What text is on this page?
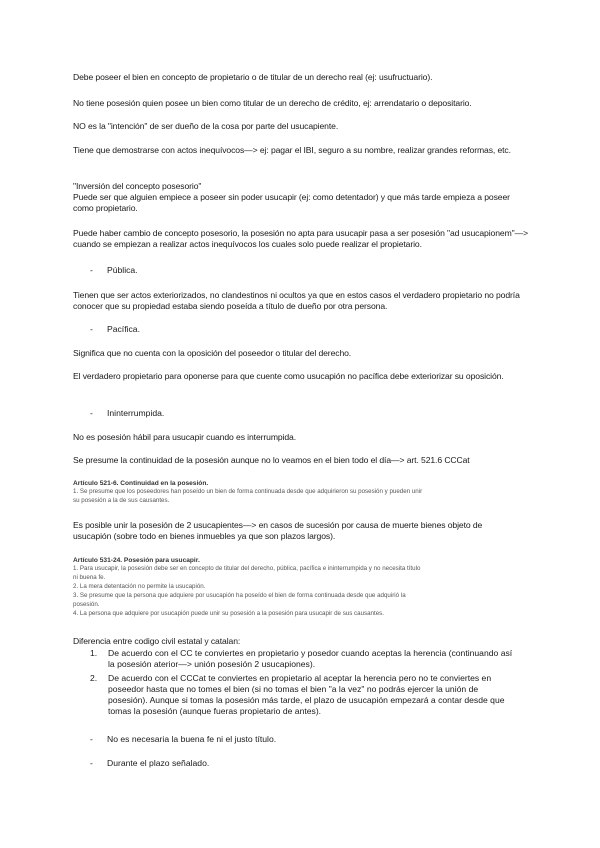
Debe poseer el bien en concepto de propietario o de titular de un derecho real (ej: usufructuario).

No tiene posesión quien posee un bien como titular de un derecho de crédito, ej: arrendatario o depositario.

NO es la "intención" de ser dueño de la cosa por parte del usucapiente.

Tiene que demostrarse con actos inequívocos—> ej: pagar el IBI, seguro a su nombre, realizar grandes reformas, etc.

"Inversión del concepto posesorio"

Puede ser que alguien empiece a poseer sin poder usucapir (ej: como detentador) y que más tarde empieza a poseer como propietario.

Puede haber cambio de concepto posesorio, la posesión no apta para usucapir pasa a ser posesión "ad usucapionem"—> cuando se empiezan a realizar actos inequívocos los cuales solo puede realizar el propietario.

- Pública.

Tienen que ser actos exteriorizados, no clandestinos ni ocultos ya que en estos casos el verdadero propietario no podría conocer que su propiedad estaba siendo poseída a título de dueño por otra persona.

- Pacífica.

Significa que no cuenta con la oposición del poseedor o titular del derecho.

El verdadero propietario para oponerse para que cuente como usucapión no pacífica debe exteriorizar su oposición.

- Ininterrumpida.

No es posesión hábil para usucapir cuando es interrumpida.

Se presume la continuidad de la posesión aunque no lo veamos en el bien todo el día—> art. 521.6 CCCat

Artículo 521-6. Continuidad en la posesión.
1. Se presume que los poseedores han poseído un bien de forma continuada desde que adquirieron su posesión y pueden unir
su posesión a la de sus causantes.

Es posible unir la posesión de 2 usucapientes—> en casos de sucesión por causa de muerte bienes objeto de usucapión (sobre todo en bienes inmuebles ya que son plazos largos).

Artículo 531-24. Posesión para usucapir.
1. Para usucapir, la posesión debe ser en concepto de titular del derecho, pública, pacífica e ininterrumpida y no necesita título
ni buena fe.
2. La mera detentación no permite la usucapión.
3. Se presume que la persona que adquiere por usucapión ha poseído el bien de forma continuada desde que adquirió la
posesión.
4. La persona que adquiere por usucapión puede unir su posesión a la posesión para usucapir de sus causantes.

Diferencia entre codigo civil estatal y catalan:

1. De acuerdo con el CC te conviertes en propietario y posedor cuando aceptas la herencia (continuando así la posesión aterior—> unión posesión 2 usucapiones).
2. De acuerdo con el CCCat te conviertes en propietario al aceptar la herencia pero no te conviertes en poseedor hasta que no tomes el bien (si no tomas el bien "a la vez" no podrás ejercer la unión de posesión). Aunque si tomas la posesión más tarde, el plazo de usucapión empezará a contar desde que tomas la posesión (aunque fueras propietario de antes).
- No es necesaria la buena fe ni el justo título.
- Durante el plazo señalado.
